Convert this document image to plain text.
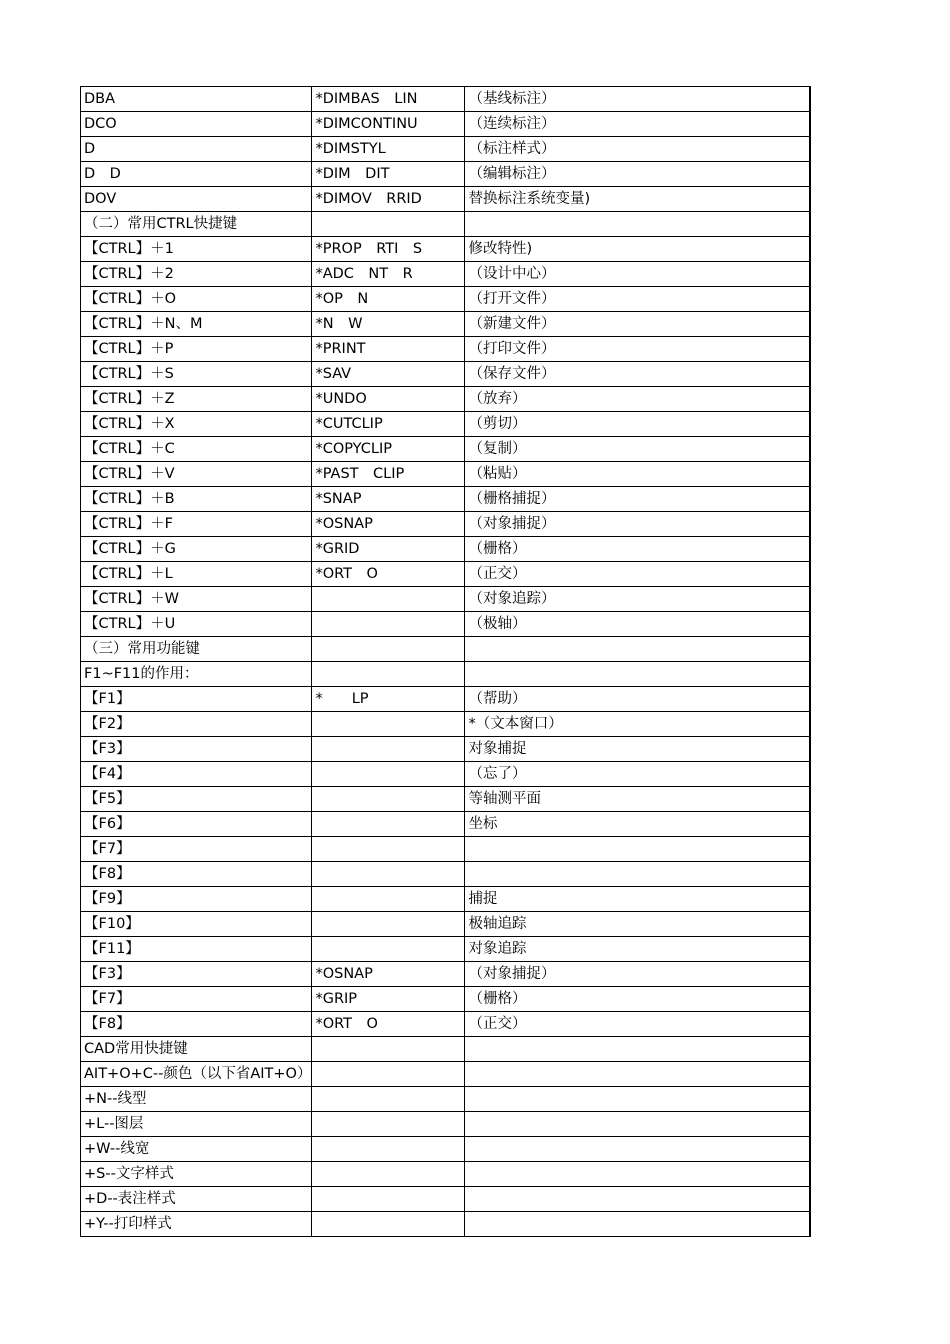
DBA	*DIMBAS　LIN	（基线标注）
DCO	*DIMCONTINU	（连续标注）
D	*DIMSTYL	（标注样式）
D　D	*DIM　DIT	（编辑标注）
DOV	*DIMOV　RRID	替换标注系统变量)
（二）常用CTRL快捷键		
【CTRL】＋1	*PROP　RTI　S	修改特性)
【CTRL】＋2	*ADC　NT　R	（设计中心）
【CTRL】＋O	*OP　N	（打开文件）
【CTRL】＋N、M	*N　W	（新建文件）
【CTRL】＋P	*PRINT	（打印文件）
【CTRL】＋S	*SAV	（保存文件）
【CTRL】＋Z	*UNDO	（放弃）
【CTRL】＋X	*CUTCLIP	（剪切）
【CTRL】＋C	*COPYCLIP	（复制）
【CTRL】＋V	*PAST　CLIP	（粘贴）
【CTRL】＋B	*SNAP	（栅格捕捉）
【CTRL】＋F	*OSNAP	（对象捕捉）
【CTRL】＋G	*GRID	（栅格）
【CTRL】＋L	*ORT　O	（正交）
【CTRL】＋W		（对象追踪）
【CTRL】＋U		（极轴）
（三）常用功能键		
F1~F11的作用：		
【F1】	*　　LP	（帮助）
【F2】		*（文本窗口）
【F3】		对象捕捉
【F4】		（忘了）
【F5】		等轴测平面
【F6】		坐标
【F7】		
【F8】		
【F9】		捕捉
【F10】		极轴追踪
【F11】		对象追踪
【F3】	*OSNAP	（对象捕捉）
【F7】	*GRIP	（栅格）
【F8】	*ORT　O	（正交）
CAD常用快捷键		
AIT+O+C--颜色（以下省AIT+O）		
+N--线型		
+L--图层		
+W--线宽		
+S--文字样式		
+D--表注样式		
+Y--打印样式		
